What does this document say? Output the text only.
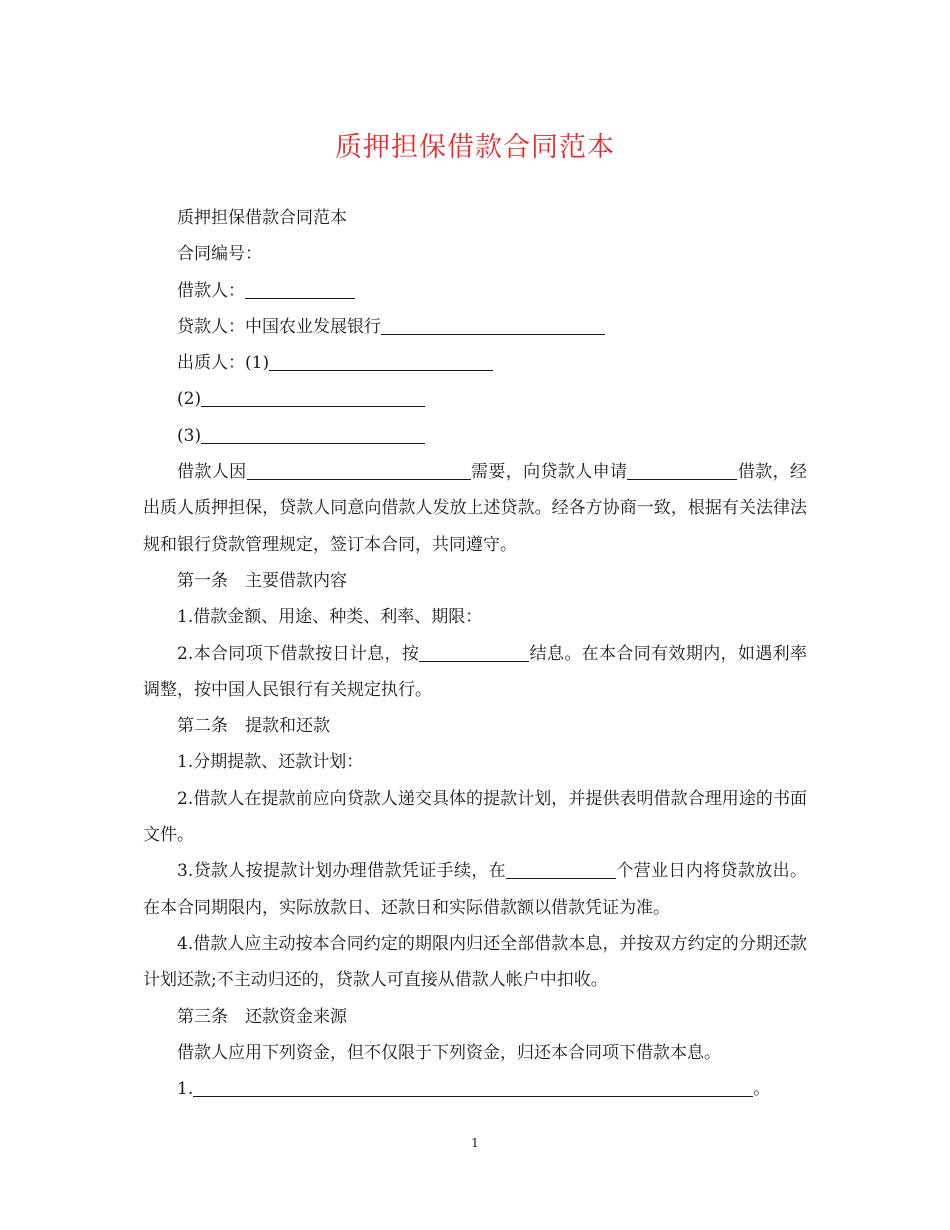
质押担保借款合同范本

质押担保借款合同范本

合同编号：

借款人：

贷款人：中国农业发展银行

出质人：(1)

(2)

(3)

借款人因	需要，向贷款人申请	借款，经出质人质押担保，贷款人同意向借款人发放上述贷款。经各方协商一致，根据有关法律法规和银行贷款管理规定，签订本合同，共同遵守。

第一条　主要借款内容

1.借款金额、用途、种类、利率、期限：

2.本合同项下借款按日计息，按	结息。在本合同有效期内，如遇利率调整，按中国人民银行有关规定执行。

第二条　提款和还款

1.分期提款、还款计划：

2.借款人在提款前应向贷款人递交具体的提款计划，并提供表明借款合理用途的书面文件。

3.贷款人按提款计划办理借款凭证手续，在	个营业日内将贷款放出。在本合同期限内，实际放款日、还款日和实际借款额以借款凭证为准。

4.借款人应主动按本合同约定的期限内归还全部借款本息，并按双方约定的分期还款计划还款;不主动归还的，贷款人可直接从借款人帐户中扣收。

第三条　还款资金来源

借款人应用下列资金，但不仅限于下列资金，归还本合同项下借款本息。

1.	。

1
